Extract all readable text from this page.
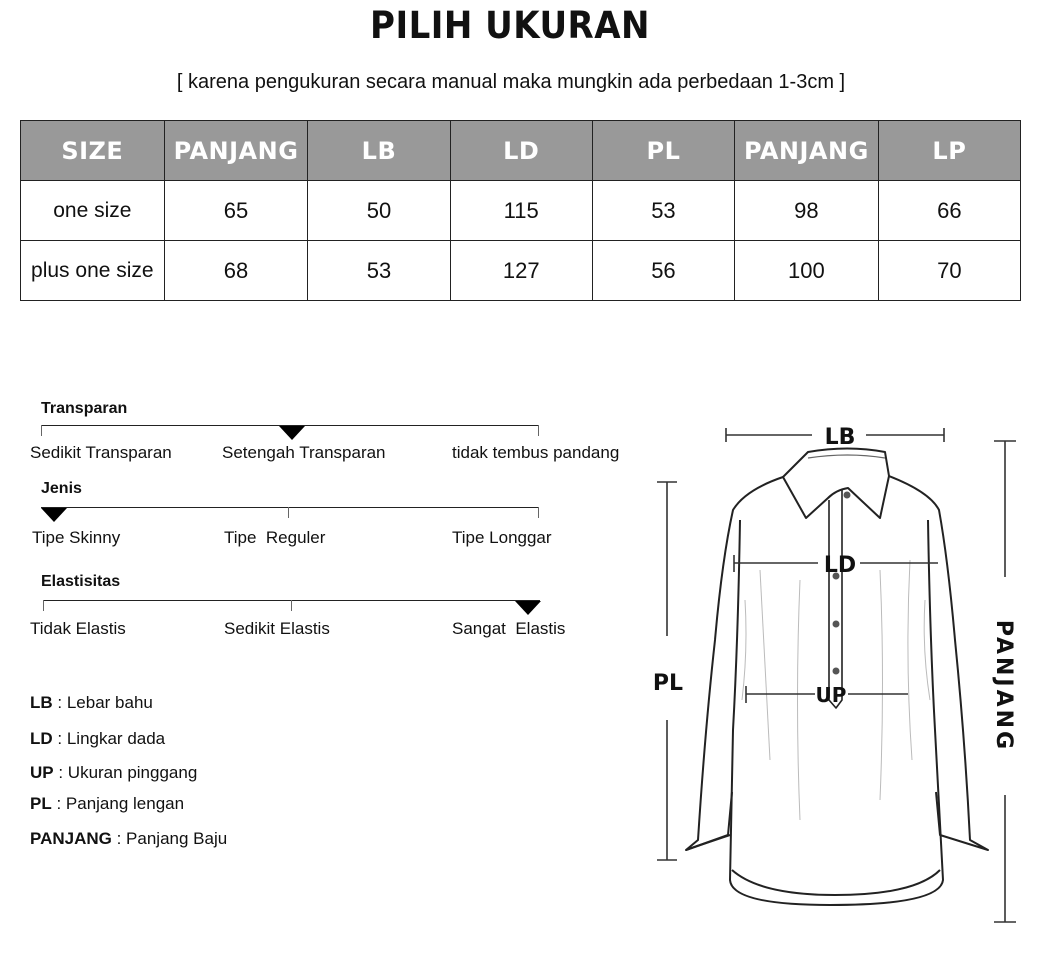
PILIH UKURAN
[ karena pengukuran secara manual maka mungkin ada perbedaan 1-3cm ]
SIZE	PANJANG	LB	LD	PL	PANJANG	LP
one size	65	50	115	53	98	66
plus one size	68	53	127	56	100	70
Transparan
Sedikit Transparan	Setengah Transparan	tidak tembus pandang
Jenis
Tipe Skinny	Tipe  Reguler	Tipe Longgar
Elastisitas
Tidak Elastis	Sedikit Elastis	Sangat  Elastis
LB : Lebar bahu
LD : Lingkar dada
UP : Ukuran pinggang
PL : Panjang lengan
PANJANG : Panjang Baju
LB
LD
UP
PL	PANJANG
